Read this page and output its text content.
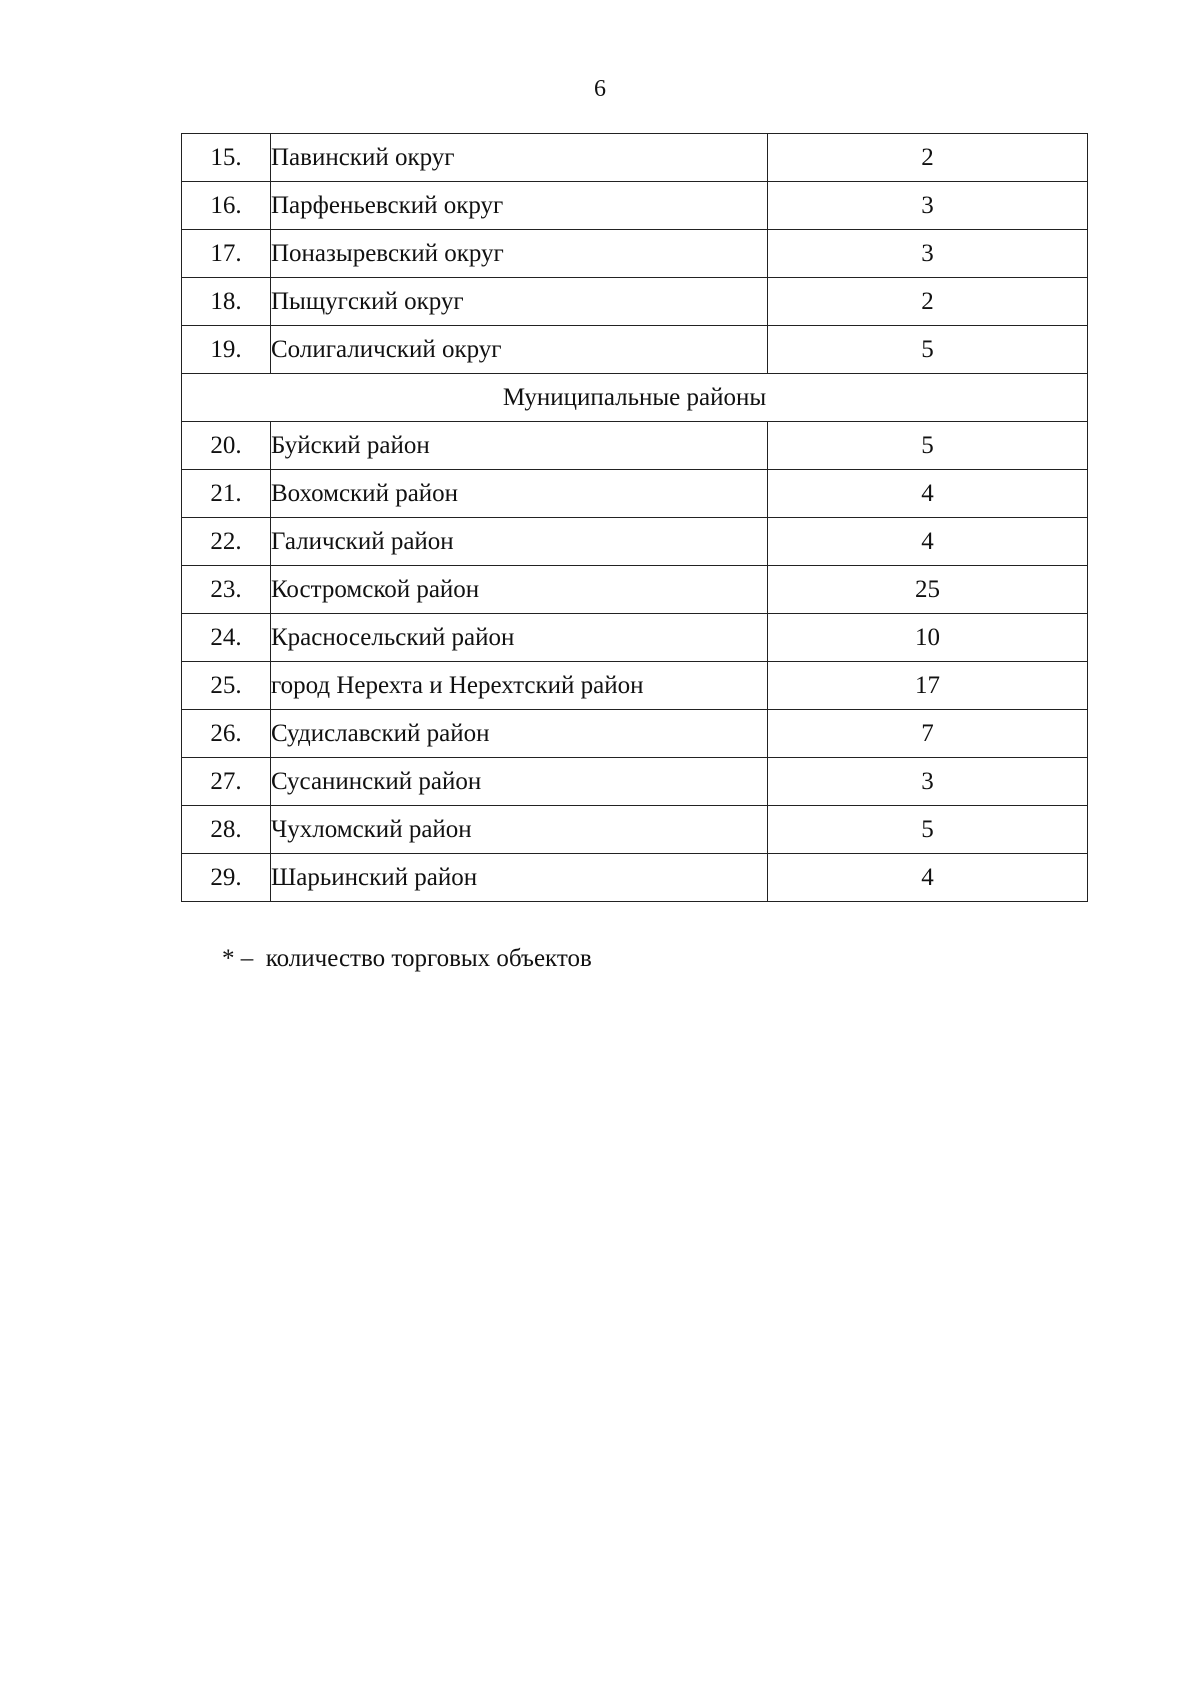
6
15.	Павинский округ	2
16.	Парфеньевский округ	3
17.	Поназыревский округ	3
18.	Пыщугский округ	2
19.	Солигаличский округ	5
Муниципальные районы		
20.	Буйский район	5
21.	Вохомский район	4
22.	Галичский район	4
23.	Костромской район	25
24.	Красносельский район	10
25.	город Нерехта и Нерехтский район	17
26.	Судиславский район	7
27.	Сусанинский район	3
28.	Чухломский район	5
29.	Шарьинский район	4
* – количество торговых объектов
